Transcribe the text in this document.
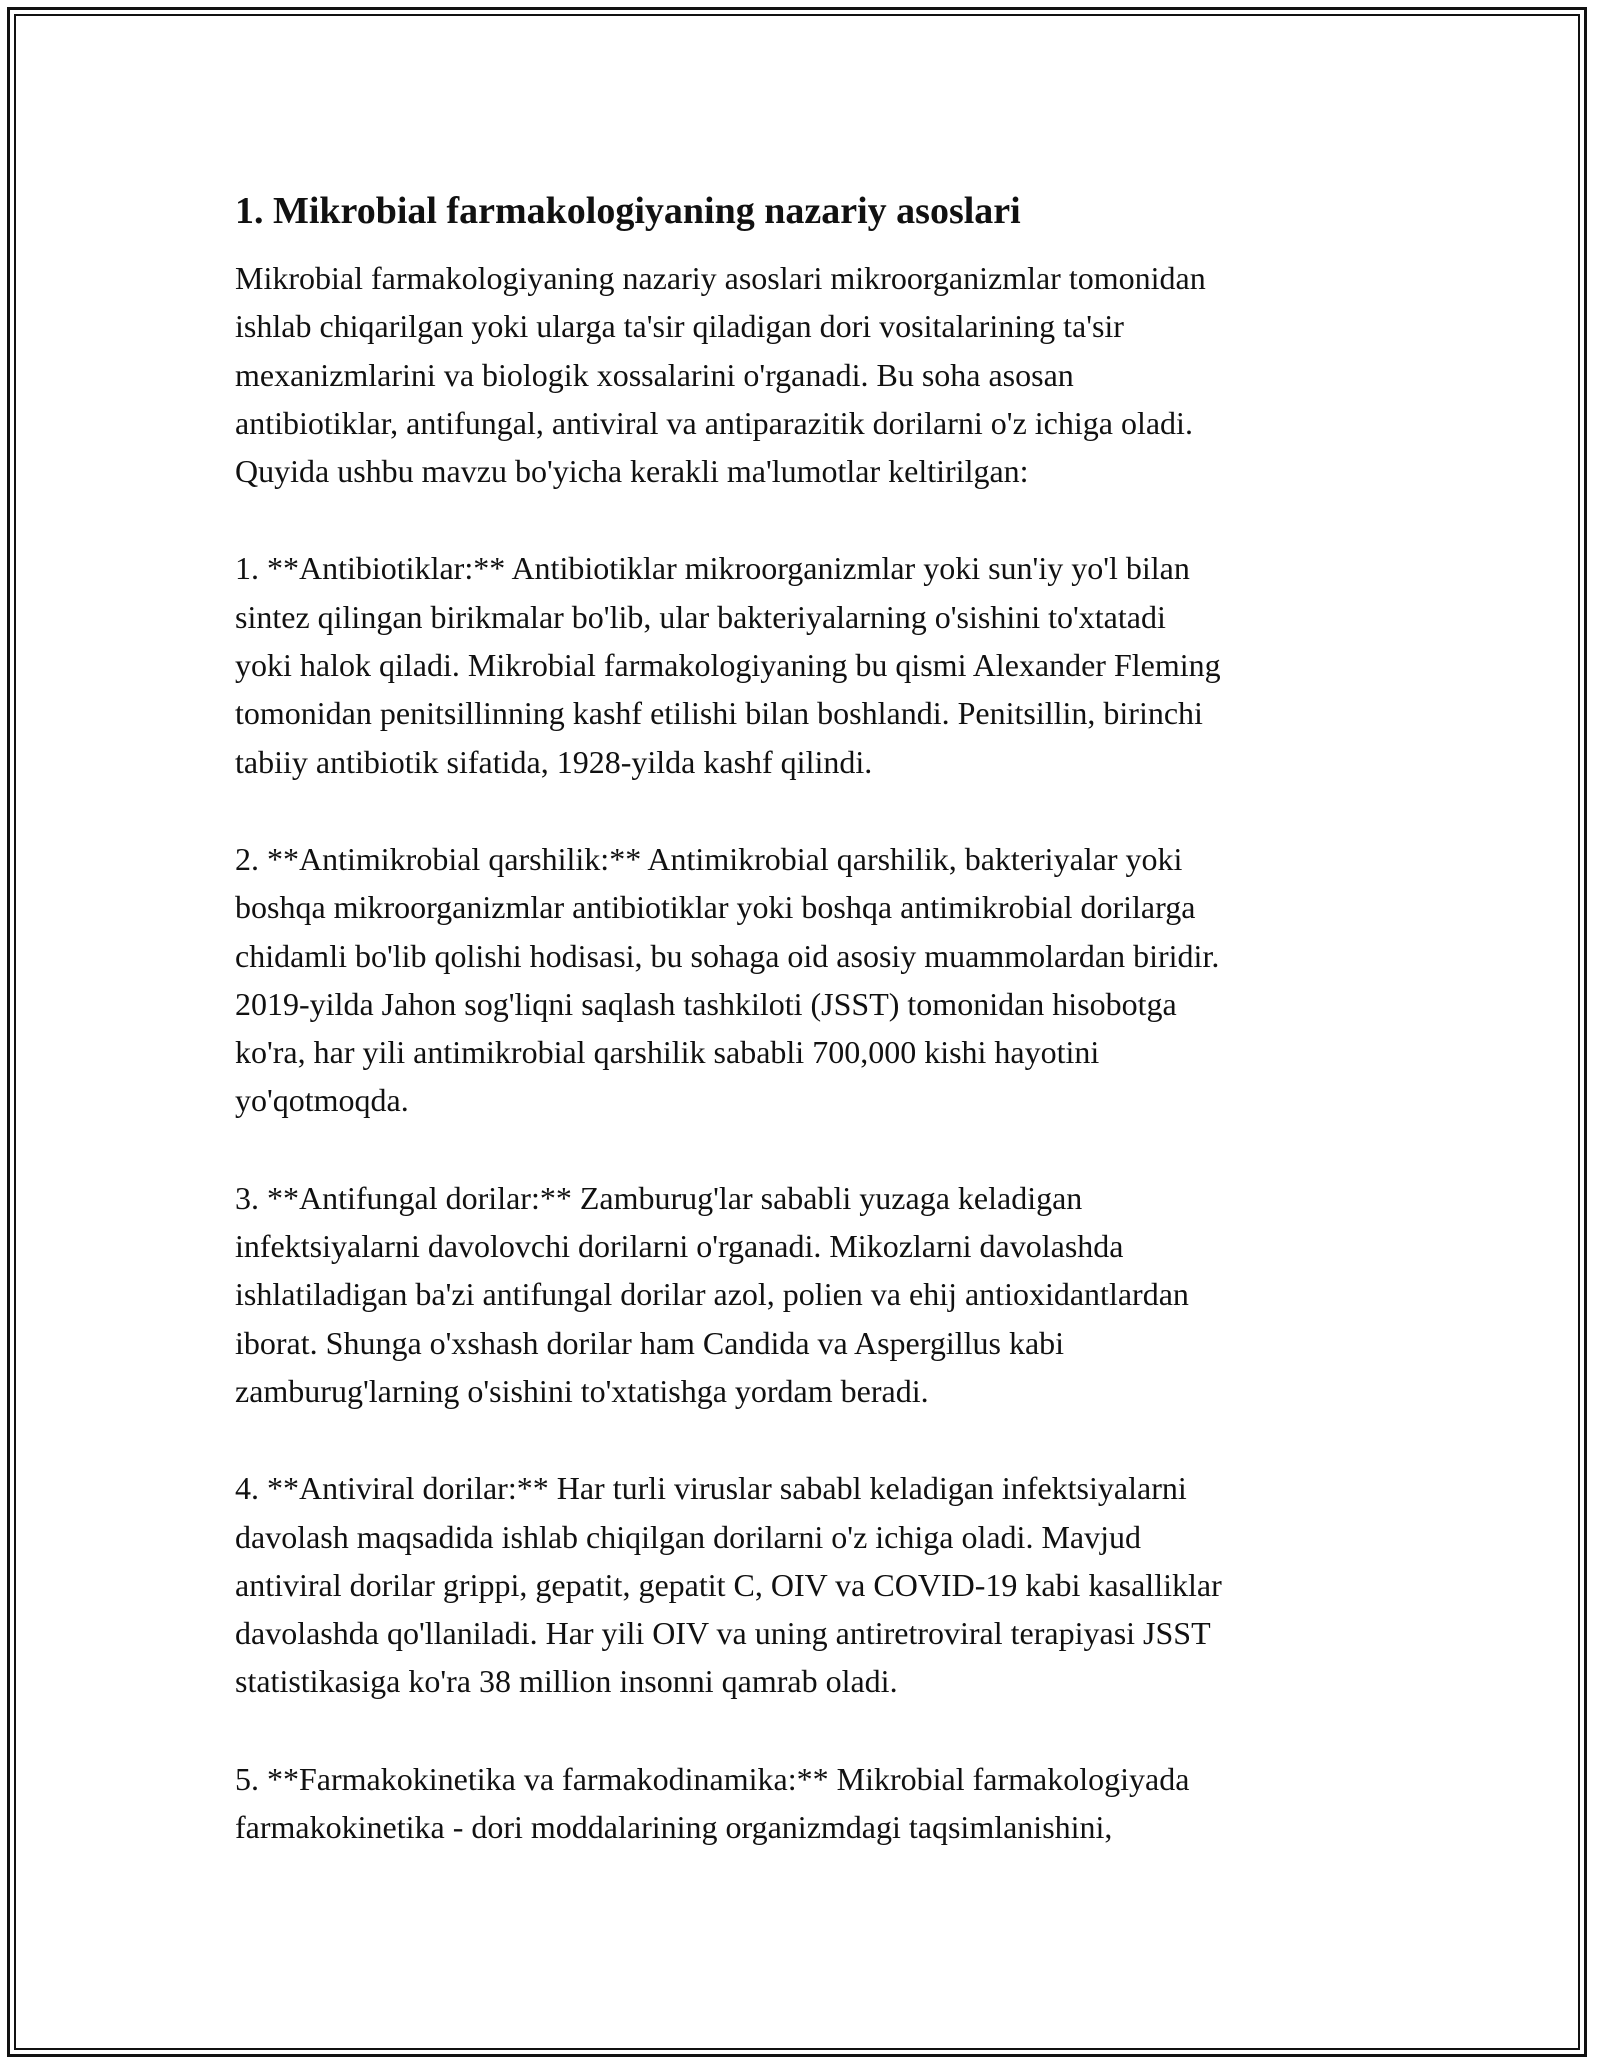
1. Mikrobial farmakologiyaning nazariy asoslari

Mikrobial farmakologiyaning nazariy asoslari mikroorganizmlar tomonidan
ishlab chiqarilgan yoki ularga ta'sir qiladigan dori vositalarining ta'sir
mexanizmlarini va biologik xossalarini o'rganadi. Bu soha asosan
antibiotiklar, antifungal, antiviral va antiparazitik dorilarni o'z ichiga oladi.
Quyida ushbu mavzu bo'yicha kerakli ma'lumotlar keltirilgan:

1. **Antibiotiklar:** Antibiotiklar mikroorganizmlar yoki sun'iy yo'l bilan
sintez qilingan birikmalar bo'lib, ular bakteriyalarning o'sishini to'xtatadi
yoki halok qiladi. Mikrobial farmakologiyaning bu qismi Alexander Fleming
tomonidan penitsillinning kashf etilishi bilan boshlandi. Penitsillin, birinchi
tabiiy antibiotik sifatida, 1928-yilda kashf qilindi.

2. **Antimikrobial qarshilik:** Antimikrobial qarshilik, bakteriyalar yoki
boshqa mikroorganizmlar antibiotiklar yoki boshqa antimikrobial dorilarga
chidamli bo'lib qolishi hodisasi, bu sohaga oid asosiy muammolardan biridir.
2019-yilda Jahon sog'liqni saqlash tashkiloti (JSST) tomonidan hisobotga
ko'ra, har yili antimikrobial qarshilik sababli 700,000 kishi hayotini
yo'qotmoqda.

3. **Antifungal dorilar:** Zamburug'lar sababli yuzaga keladigan
infektsiyalarni davolovchi dorilarni o'rganadi. Mikozlarni davolashda
ishlatiladigan ba'zi antifungal dorilar azol, polien va ehij antioxidantlardan
iborat. Shunga o'xshash dorilar ham Candida va Aspergillus kabi
zamburug'larning o'sishini to'xtatishga yordam beradi.

4. **Antiviral dorilar:** Har turli viruslar sababl keladigan infektsiyalarni
davolash maqsadida ishlab chiqilgan dorilarni o'z ichiga oladi. Mavjud
antiviral dorilar grippi, gepatit, gepatit C, OIV va COVID-19 kabi kasalliklar
davolashda qo'llaniladi. Har yili OIV va uning antiretroviral terapiyasi JSST
statistikasiga ko'ra 38 million insonni qamrab oladi.

5. **Farmakokinetika va farmakodinamika:** Mikrobial farmakologiyada
farmakokinetika - dori moddalarining organizmdagi taqsimlanishini,
